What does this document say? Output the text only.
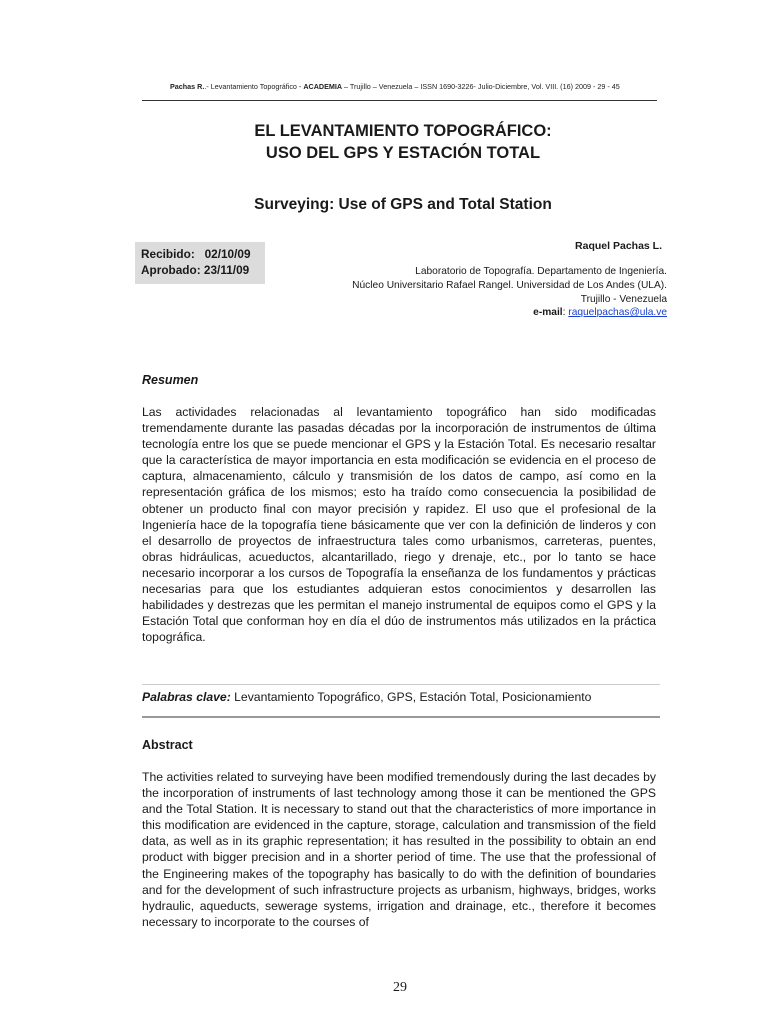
Pachas R..- Levantamiento Topográfico - ACADEMIA – Trujillo – Venezuela – ISSN 1690-3226- Julio-Diciembre, Vol. VIII. (16) 2009 - 29 - 45
EL LEVANTAMIENTO TOPOGRÁFICO:
USO DEL GPS Y ESTACIÓN TOTAL
Surveying: Use of GPS and Total Station
Recibido: 02/10/09
Aprobado: 23/11/09
Raquel Pachas L.
Laboratorio de Topografía. Departamento de Ingeniería.
Núcleo Universitario Rafael Rangel. Universidad de Los Andes (ULA).
Trujillo - Venezuela
e-mail: raquelpachas@ula.ve
Resumen
Las actividades relacionadas al levantamiento topográfico han sido modificadas tremendamente durante las pasadas décadas por la incorporación de instrumentos de última tecnología entre los que se puede mencionar el GPS y la Estación Total. Es necesario resaltar que la característica de mayor importancia en esta modificación se evidencia en el proceso de captura, almacenamiento, cálculo y transmisión de los datos de campo, así como en la representación gráfica de los mismos; esto ha traído como consecuencia la posibilidad de obtener un producto final con mayor precisión y rapidez. El uso que el profesional de la Ingeniería hace de la topografía tiene básicamente que ver con la definición de linderos y con el desarrollo de proyectos de infraestructura tales como urbanismos, carreteras, puentes, obras hidráulicas, acueductos, alcantarillado, riego y drenaje, etc., por lo tanto se hace necesario incorporar a los cursos de Topografía la enseñanza de los fundamentos y prácticas necesarias para que los estudiantes adquieran estos conocimientos y desarrollen las habilidades y destrezas que les permitan el manejo instrumental de equipos como el GPS y la Estación Total que conforman hoy en día el dúo de instrumentos más utilizados en la práctica topográfica.
Palabras clave: Levantamiento Topográfico, GPS, Estación Total, Posicionamiento
Abstract
The activities related to surveying have been modified tremendously during the last decades by the incorporation of instruments of last technology among those it can be mentioned the GPS and the Total Station. It is necessary to stand out that the characteristics of more importance in this modification are evidenced in the capture, storage, calculation and transmission of the field data, as well as in its graphic representation; it has resulted in the possibility to obtain an end product with bigger precision and in a shorter period of time. The use that the professional of the Engineering makes of the topography has basically to do with the definition of boundaries and for the development of such infrastructure projects as urbanism, highways, bridges, works hydraulic, aqueducts, sewerage systems, irrigation and drainage, etc., therefore it becomes necessary to incorporate to the courses of
29
